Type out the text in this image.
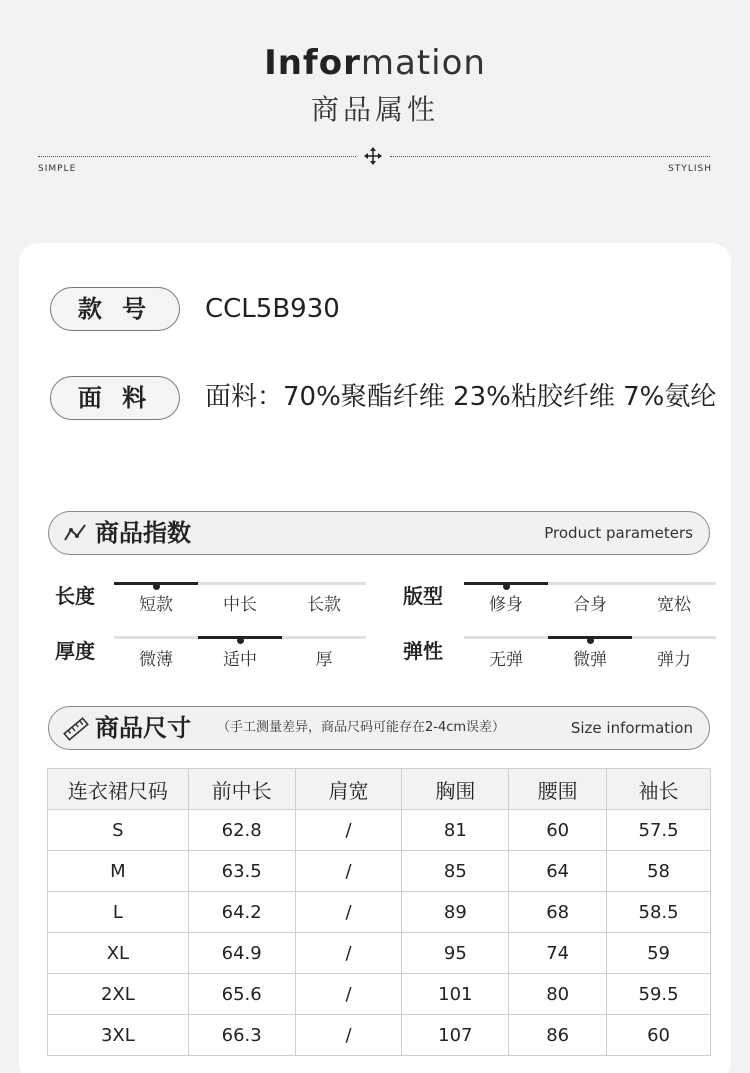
Information
商品属性
SIMPLE	STYLISH
款 号	CCL5B930
面 料	面料：70%聚酯纤维 23%粘胶纤维 7%氨纶
商品指数	Product parameters
长度	短款	中长	长款	版型	修身	合身	宽松
厚度	微薄	适中	厚	弹性	无弹	微弹	弹力
商品尺寸 （手工测量差异，商品尺码可能存在2-4cm误差）	Size information
连衣裙尺码	前中长	肩宽	胸围	腰围	袖长
S	62.8	/	81	60	57.5
M	63.5	/	85	64	58
L	64.2	/	89	68	58.5
XL	64.9	/	95	74	59
2XL	65.6	/	101	80	59.5
3XL	66.3	/	107	86	60
